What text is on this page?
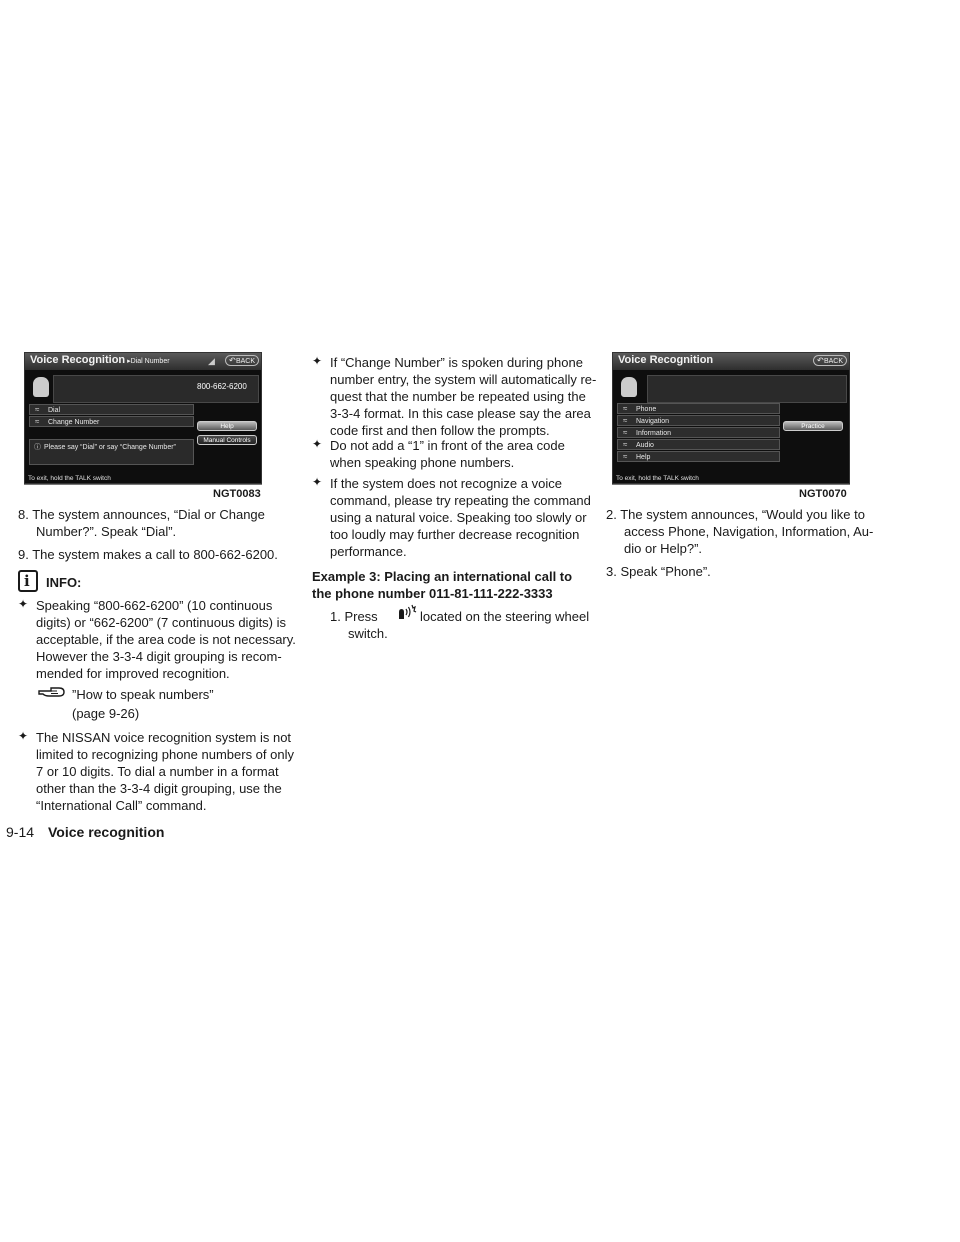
Voice Recognition ▸Dial Number	◢	↶ BACK
800-662-6200
≈ Dial
≈ Change Number
Help
Manual Controls
ⓘ Please say “Dial” or say “Change Number”
To exit, hold the TALK switch
NGT0083
Voice Recognition	↶ BACK
≈ Phone
≈ Navigation
≈ Information
≈ Audio
≈ Help
Practice
To exit, hold the TALK switch
NGT0070
8. The system announces, “Dial or Change
Number?”. Speak “Dial”.
9. The system makes a call to 800-662-6200.
i
INFO:
✦ Speaking “800-662-6200” (10 continuous
digits) or “662-6200” (7 continuous digits) is
acceptable, if the area code is not necessary.
However the 3-3-4 digit grouping is recom-
mended for improved recognition.
”How to speak numbers”
(page 9-26)
✦ The NISSAN voice recognition system is not
limited to recognizing phone numbers of only
7 or 10 digits. To dial a number in a format
other than the 3-3-4 digit grouping, use the
“International Call” command.
✦ If “Change Number” is spoken during phone
number entry, the system will automatically re-
quest that the number be repeated using the
3-3-4 format. In this case please say the area
code first and then follow the prompts.
✦ Do not add a “1” in front of the area code
when speaking phone numbers.
✦ If the system does not recognize a voice
command, please try repeating the command
using a natural voice. Speaking too slowly or
too loudly may further decrease recognition
performance.
Example 3: Placing an international call to
the phone number 011-81-111-222-3333
1. Press	located on the steering wheel
switch.
2. The system announces, “Would you like to
access Phone, Navigation, Information, Au-
dio or Help?”.
3. Speak “Phone”.
9-14 Voice recognition
